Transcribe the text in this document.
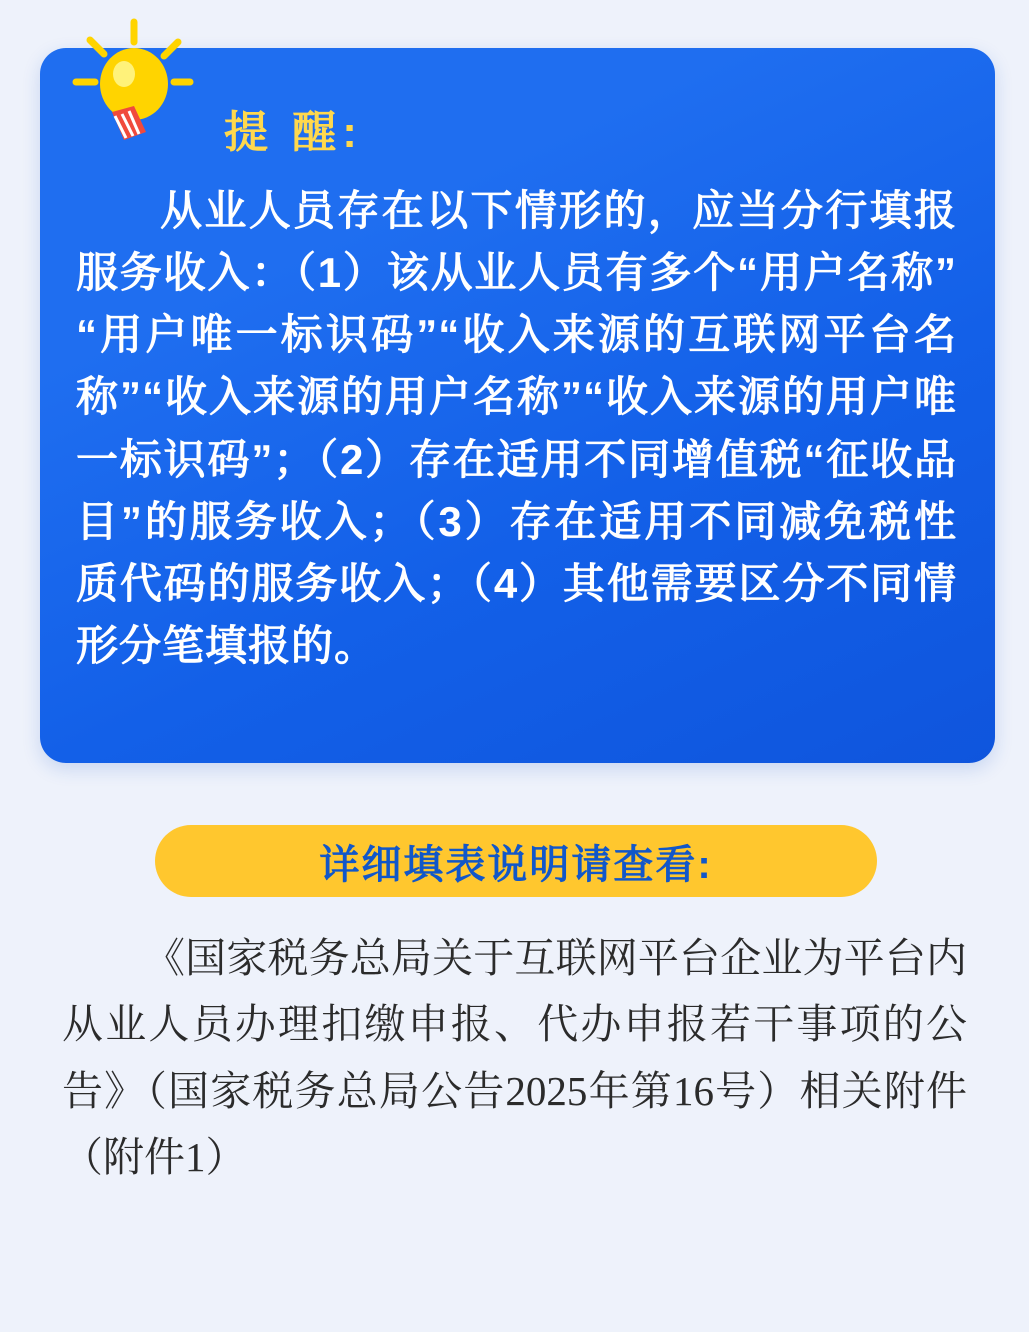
提 醒:
从业人员存在以下情形的，应当分行填报服务收入：（1）该从业人员有多个“用户名称”“用户唯一标识码”“收入来源的互联网平台名称”“收入来源的用户名称”“收入来源的用户唯一标识码”；（2）存在适用不同增值税“征收品目”的服务收入；（3）存在适用不同减免税性质代码的服务收入；（4）其他需要区分不同情形分笔填报的。
详细填表说明请查看:
《国家税务总局关于互联网平台企业为平台内从业人员办理扣缴申报、代办申报若干事项的公告》（国家税务总局公告2025年第16号）相关附件（附件1）
